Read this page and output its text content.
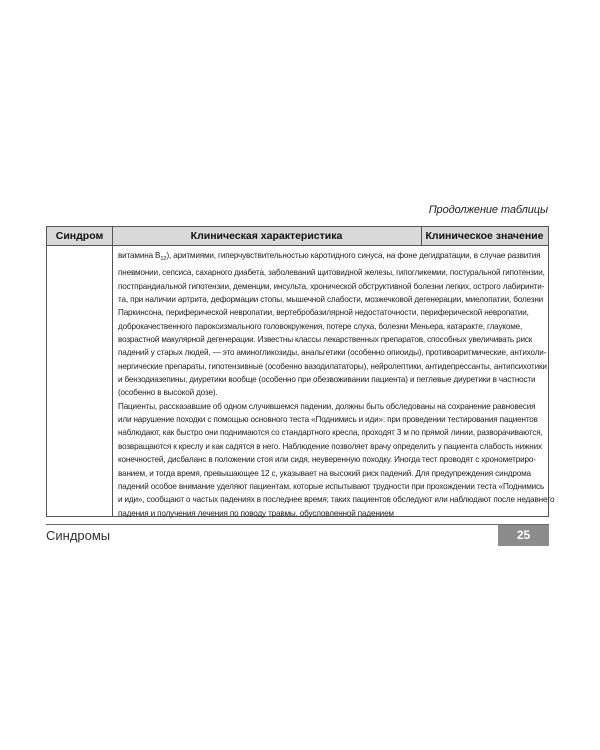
Продолжение таблицы
Синдром	Клиническая характеристика	Клиническое значение

витамина $B_{12}$), аритмиями, гиперчувствительностью каротидного синуса, на фоне дегидратации, в случае развития

пневмонии, сепсиса, сахарного диабета, заболеваний щитовидной железы, гипогликемии, постуральной гипотензии,

постпрандиальной гипотензии, деменции, инсульта, хронической обструктивной болезни легких, острого лабиринти-

та, при наличии артрита, деформации стопы, мышечной слабости, мозжечковой дегенерации, миелопатии, болезни

Паркинсона, периферической невропатии, вертебробазилярной недостаточности, периферической невропатии,

доброкачественного пароксизмального головокружения, потере слуха, болезни Меньера, катаракте, глаукоме,

возрастной макулярной дегенерации. Известны классы лекарственных препаратов, способных увеличивать риск

падений у старых людей, — это аминогликозиды, анальгетики (особенно опиоиды), противоаритмические, антихоли-

нергические препараты, гипотензивные (особенно вазодилататоры), нейролептики, антидепрессанты, антипсихотики

и бензодиазепины, диуретики вообще (особенно при обезвоживании пациента) и петлевые диуретики в частности

(особенно в высокой дозе).

Пациенты, рассказавшие об одном случившемся падении, должны быть обследованы на сохранение равновесия

или нарушение походки с помощью основного теста «Поднимись и иди»: при проведении тестирования пациентов

наблюдают, как быстро они поднимаются со стандартного кресла, проходят 3 м по прямой линии, разворачиваются,

возвращаются к креслу и как садятся в него. Наблюдение позволяет врачу определить у пациента слабость нижних

конечностей, дисбаланс в положении стоя или сидя, неуверенную походку. Иногда тест проводят с хронометриро-

ванием, и тогда время, превышающее 12 с, указывает на высокий риск падений. Для предупреждения синдрома

падений особое внимание уделяют пациентам, которые испытывают трудности при прохождении теста «Поднимись

и иди», сообщают о частых падениях в последнее время; таких пациентов обследуют или наблюдают после недавнего

падения и получения лечения по поводу травмы, обусловленной падением

Синдромы	25
